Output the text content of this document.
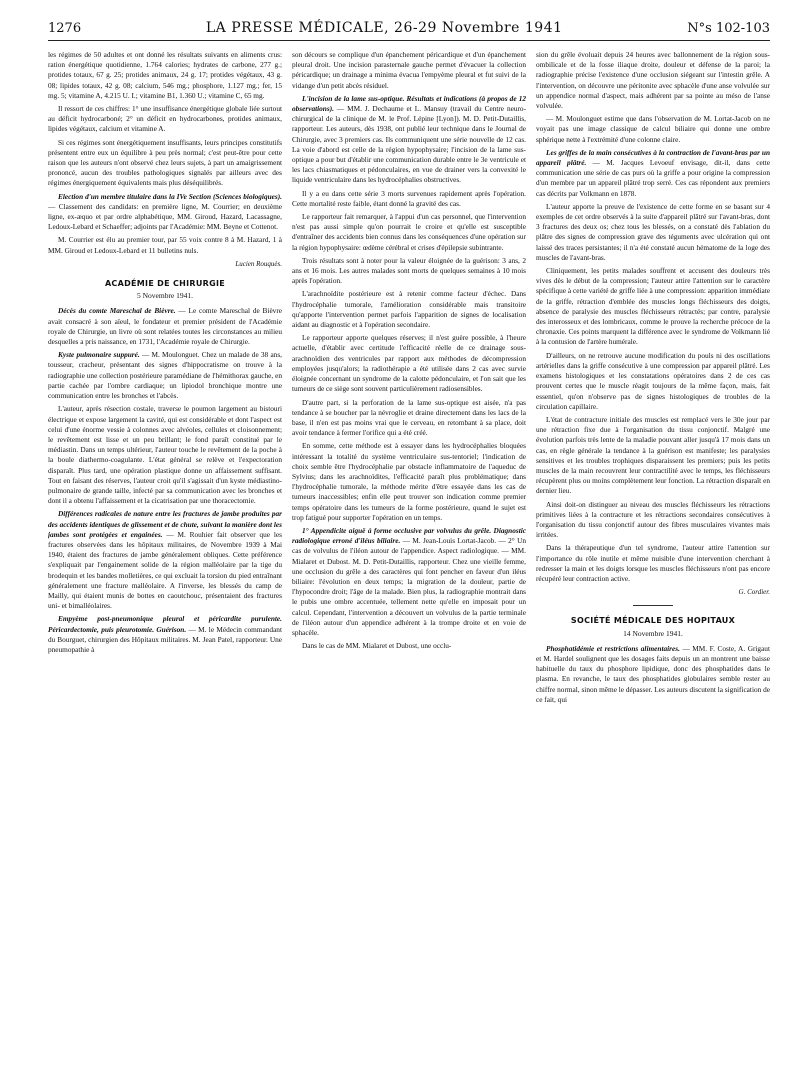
1276	LA PRESSE MÉDICALE, 26-29 Novembre 1941	N°s 102-103

les régimes de 50 adultes et ont donné les résultats suivants en aliments crus: ration énergétique quotidienne, 1.764 calories; hydrates de carbone, 277 g.; protides totaux, 67 g. 25; protides animaux, 24 g. 17; protides végétaux, 43 g. 08; lipides totaux, 42 g. 08; calcium, 546 mg.; phosphore, 1.127 mg.; fer, 15 mg. 5; vitamine A, 4.215 U. I.; vitamine B1, 1.360 U.; vitamine C, 65 mg.

Il ressort de ces chiffres: 1° une insuffisance énergétique globale liée surtout au déficit hydrocarboné; 2° un déficit en hydrocarbones, protides animaux, lipides végétaux, calcium et vitamine A.

Si ces régimes sont énergétiquement insuffisants, leurs principes constitutifs présentent entre eux un équilibre à peu près normal; c'est peut-être pour cette raison que les auteurs n'ont observé chez leurs sujets, à part un amaigrissement prononcé, aucun des troubles pathologiques signalés par ailleurs avec des régimes énergiquement équivalents mais plus déséquilibrés.

Election d'un membre titulaire dans la IVe Section (Sciences biologiques). — Classement des candidats: en première ligne, M. Courrier; en deuxième ligne, ex-æquo et par ordre alphabétique, MM. Giroud, Hazard, Lacassagne, Ledoux-Lebard et Schaeffer; adjoints par l'Académie: MM. Beyne et Cottenot.

M. Courrier est élu au premier tour, par 55 voix contre 8 à M. Hazard, 1 à MM. Giroud et Ledoux-Lebard et 11 bulletins nuls.

Lucien Rouquès.
ACADÉMIE DE CHIRURGIE
5 Novembre 1941.

Décès du comte Mareschal de Bièvre. — Le comte Mareschal de Bièvre avait consacré à son aïeul, le fondateur et premier président de l'Académie royale de Chirurgie, un livre où sont relatées toutes les circonstances au milieu desquelles a pris naissance, en 1731, l'Académie royale de Chirurgie.

Kyste pulmonaire suppuré. — M. Moulonguet. Chez un malade de 38 ans, tousseur, cracheur, présentant des signes d'hippocratisme on trouve à la radiographie une collection postérieure paramédiane de l'hémithorax gauche, en partie cachée par l'ombre cardiaque; un lipiodol bronchique montre une communication entre les bronches et l'abcès.

L'auteur, après résection costale, traverse le poumon largement au bistouri électrique et expose largement la cavité, qui est considérable et dont l'aspect est celui d'une énorme vessie à colonnes avec alvéoles, cellules et cloisonnement; le revêtement est lisse et un peu brillant; le fond paraît constitué par le médiastin. Dans un temps ultérieur, l'auteur touche le revêtement de la poche à la boule diathermo-coagulante. L'état général se relève et l'expectoration disparaît. Plus tard, une opération plastique donne un affaissement suffisant. Tout en faisant des réserves, l'auteur croit qu'il s'agissait d'un kyste médiastino-pulmonaire de grande taille, infecté par sa communication avec les bronches et dont il a obtenu l'affaissement et la cicatrisation par une thoracectomie.

Différences radicales de nature entre les fractures de jambe produites par des accidents identiques de glissement et de chute, suivant la manière dont les jambes sont protégées et engainées. — M. Rouhier fait observer que les fractures observées dans les hôpitaux militaires, de Novembre 1939 à Mai 1940, étaient des fractures de jambe généralement obliques. Cette préférence s'expliquait par l'engainement solide de la région malléolaire par la tige du brodequin et les bandes molletières, ce qui excluait la torsion du pied entraînant généralement une fracture malléolaire. A l'inverse, les blessés du camp de Mailly, qui étaient munis de bottes en caoutchouc, présentaient des fractures uni- et bimalléolaires.

Empyème post-pneumonique pleural et péricardite purulente. Péricardectomie, puis pleurotomie. Guérison. — M. le Médecin commandant du Bourguet, chirurgien des Hôpitaux militaires. M. Jean Patel, rapporteur. Une pneumopathie à

son décours se complique d'un épanchement péricardique et d'un épanchement pleural droit. Une incision parasternale gauche permet d'évacuer la collection péricardique; un drainage a minima évacua l'empyème pleural et fut suivi de la vidange d'un petit abcès résiduel.

L'incision de la lame sus-optique. Résultats et indications (à propos de 12 observations). — MM. J. Dechaume et L. Mansuy (travail du Centre neuro-chirurgical de la clinique de M. le Prof. Lépine [Lyon]). M. D. Petit-Dutaillis, rapporteur. Les auteurs, dès 1938, ont publié leur technique dans le Journal de Chirurgie, avec 3 premiers cas. Ils communiquent une série nouvelle de 12 cas. La voie d'abord est celle de la région hypophysaire; l'incision de la lame sus-optique a pour but d'établir une communication durable entre le 3e ventricule et les lacs chiasmatiques et pédonculaires, en vue de drainer vers la convexité le liquide ventriculaire dans les hydrocéphalies obstructives.

Il y a eu dans cette série 3 morts survenues rapidement après l'opération. Cette mortalité reste faible, étant donné la gravité des cas.

Le rapporteur fait remarquer, à l'appui d'un cas personnel, que l'intervention n'est pas aussi simple qu'on pourrait le croire et qu'elle est susceptible d'entraîner des accidents bien connus dans les conséquences d'une opération sur la région hypophysaire: œdème cérébral et crises d'épilepsie subintrante.

Trois résultats sont à noter pour la valeur éloignée de la guérison: 3 ans, 2 ans et 16 mois. Les autres malades sont morts de quelques semaines à 10 mois après l'opération.

L'arachnoïdite postérieure est à retenir comme facteur d'échec. Dans l'hydrocéphalie tumorale, l'amélioration considérable mais transitoire qu'apporte l'intervention permet parfois l'apparition de signes de localisation aidant au diagnostic et à l'opération secondaire.

Le rapporteur apporte quelques réserves; il n'est guère possible, à l'heure actuelle, d'établir avec certitude l'efficacité réelle de ce drainage sous-arachnoïdien des ventricules par rapport aux méthodes de décompression employées jusqu'alors; la radiothérapie a été utilisée dans 2 cas avec survie éloignée concernant un syndrome de la calotte pédonculaire, et l'on sait que les tumeurs de ce siège sont souvent particulièrement radiosensibles.

D'autre part, si la perforation de la lame sus-optique est aisée, n'a pas tendance à se boucher par la névroglie et draine directement dans les lacs de la base, il n'en est pas moins vrai que le cerveau, en retombant à sa place, doit avoir tendance à fermer l'orifice qui a été créé.

En somme, cette méthode est à essayer dans les hydrocéphalies bloquées intéressant la totalité du système ventriculaire sus-tentoriel; l'indication de choix semble être l'hydrocéphalie par obstacle inflammatoire de l'aqueduc de Sylvius; dans les arachnoïdites, l'efficacité paraît plus problématique; dans l'hydrocéphalie tumorale, la méthode mérite d'être essayée dans les cas de tumeurs inaccessibles; enfin elle peut trouver son indication comme premier temps opératoire dans les tumeurs de la forme postérieure, quand le sujet est trop fatigué pour supporter l'opération en un temps.

1° Appendicite aiguë à forme occlusive par volvulus du grêle. Diagnostic radiologique erroné d'iléus biliaire. — M. Jean-Louis Lortat-Jacob. — 2° Un cas de volvulus de l'iléon autour de l'appendice. Aspect radiologique. — MM. Mialaret et Dubost. M. D. Petit-Dutaillis, rapporteur. Chez une vieille femme, une occlusion du grêle a des caractères qui font pencher en faveur d'un iléus biliaire: l'évolution en deux temps; la migration de la douleur, partie de l'hypocondre droit; l'âge de la malade. Bien plus, la radiographie montrait dans le pubis une ombre accentuée, tellement nette qu'elle en imposait pour un calcul. Cependant, l'intervention a découvert un volvulus de la partie terminale de l'iléon autour d'un appendice adhérent à la trompe droite et en voie de sphacèle.

Dans le cas de MM. Mialaret et Dubost, une occlu-

sion du grêle évoluait depuis 24 heures avec ballonnement de la région sous-ombilicale et de la fosse iliaque droite, douleur et défense de la paroi; la radiographie précise l'existence d'une occlusion siégeant sur l'intestin grêle. A l'intervention, on découvre une péritonite avec sphacèle d'une anse volvulée sur un appendice normal d'aspect, mais adhérent par sa pointe au méso de l'anse volvulée.

— M. Moulonguet estime que dans l'observation de M. Lortat-Jacob on ne voyait pas une image classique de calcul biliaire qui donne une ombre sphérique nette à l'extrémité d'une colonne claire.

Les griffes de la main consécutives à la contraction de l'avant-bras par un appareil plâtré. — M. Jacques Levoeuf envisage, dit-il, dans cette communication une série de cas purs où la griffe a pour origine la compression d'un membre par un appareil plâtré trop serré. Ces cas répondent aux premiers cas décrits par Volkmann en 1878.

L'auteur apporte la preuve de l'existence de cette forme en se basant sur 4 exemples de cet ordre observés à la suite d'appareil plâtré sur l'avant-bras, dont 3 fractures des deux os; chez tous les blessés, on a constaté dès l'ablation du plâtre des signes de compression grave des téguments avec ulcération qui ont laissé des traces persistantes; il n'a été constaté aucun hématome de la loge des muscles de l'avant-bras.

Cliniquement, les petits malades souffrent et accusent des douleurs très vives dès le début de la compression; l'auteur attire l'attention sur le caractère spécifique à cette variété de griffe liée à une compression: apparition immédiate de la griffe, rétraction d'emblée des muscles longs fléchisseurs des doigts, absence de paralysie des muscles fléchisseurs rétractés; par contre, paralysie des interosseux et des lombricaux, comme le prouve la recherche précoce de la chronaxie. Ces points marquent la différence avec le syndrome de Volkmann lié à la contusion de l'artère humérale.

D'ailleurs, on ne retrouve aucune modification du pouls ni des oscillations artérielles dans la griffe consécutive à une compression par appareil plâtré. Les examens histologiques et les constatations opératoires dans 2 de ces cas prouvent certes que le muscle réagit toujours de la même façon, mais, fait essentiel, qu'on n'observe pas de signes histologiques de troubles de la circulation capillaire.

L'état de contracture initiale des muscles est remplacé vers le 30e jour par une rétraction fixe due à l'organisation du tissu conjonctif. Malgré une évolution parfois très lente de la maladie pouvant aller jusqu'à 17 mois dans un cas, en règle générale la tendance à la guérison est manifeste; les paralysies sensitives et les troubles trophiques disparaissent les premiers; puis les petits muscles de la main recouvrent leur contractilité avec le temps, les fléchisseurs récupèrent plus ou moins complètement leur fonction. La rétraction disparaît en dernier lieu.

Ainsi doit-on distinguer au niveau des muscles fléchisseurs les rétractions primitives liées à la contracture et les rétractions secondaires consécutives à l'organisation du tissu conjonctif autour des fibres musculaires vivantes mais irritées.

Dans la thérapeutique d'un tel syndrome, l'auteur attire l'attention sur l'importance du rôle inutile et même nuisible d'une intervention cherchant à redresser la main et les doigts lorsque les muscles fléchisseurs n'ont pas encore récupéré leur contraction active.

G. Cordier.
SOCIÉTÉ MÉDICALE DES HOPITAUX
14 Novembre 1941.

Phosphatidémie et restrictions alimentaires. — MM. F. Coste, A. Grigaut et M. Hardel soulignent que les dosages faits depuis un an montrent une baisse habituelle du taux du phosphore lipidique, donc des phosphatides dans le plasma. En revanche, le taux des phosphatides globulaires semble rester au chiffre normal, sinon même le dépasser. Les auteurs discutent la signification de ce fait, qui
